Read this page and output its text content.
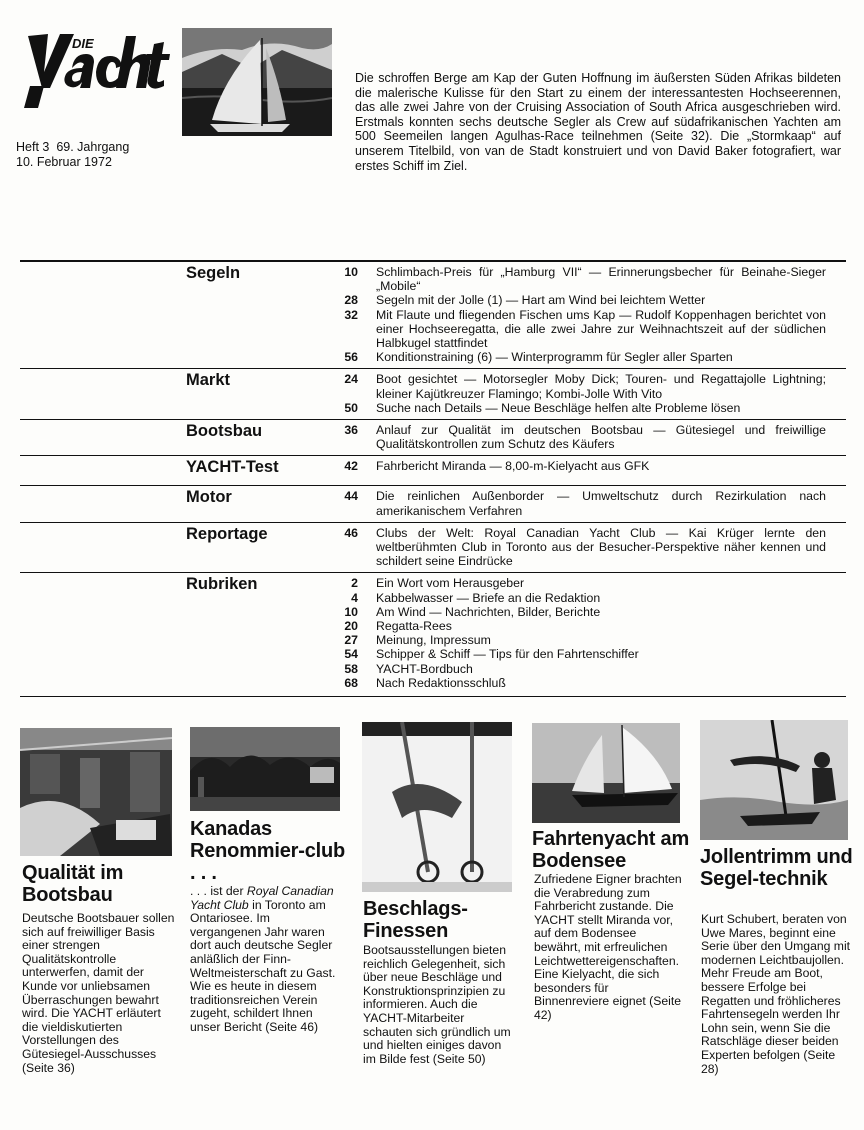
DIE
Heft 3 69. Jahrgang
10. Februar 1972
Die schroffen Berge am Kap der Guten Hoffnung im äußersten Süden Afrikas bildeten die malerische Kulisse für den Start zu einem der interessantesten Hochseerennen, das alle zwei Jahre von der Cruising Association of South Africa ausgeschrieben wird. Erstmals konnten sechs deutsche Segler als Crew auf südafrikanischen Yachten am 500 Seemeilen langen Agulhas-Race teilnehmen (Seite 32). Die „Stormkaap“ auf unserem Titelbild, von van de Stadt konstruiert und von David Baker fotografiert, war erstes Schiff im Ziel.
Segeln	10	Schlimbach-Preis für „Hamburg VII“ — Erinnerungsbecher für Beinahe-Sieger „Mobile“
28	Segeln mit der Jolle (1) — Hart am Wind bei leichtem Wetter
32	Mit Flaute und fliegenden Fischen ums Kap — Rudolf Koppenhagen berichtet von einer Hochseeregatta, die alle zwei Jahre zur Weihnachtszeit auf der südlichen Halbkugel stattfindet
56	Konditionstraining (6) — Winterprogramm für Segler aller Sparten
Markt	24	Boot gesichtet — Motorsegler Moby Dick; Touren- und Regattajolle Lightning; kleiner Kajütkreuzer Flamingo; Kombi-Jolle With Vito
50	Suche nach Details — Neue Beschläge helfen alte Probleme lösen
Bootsbau	36	Anlauf zur Qualität im deutschen Bootsbau — Gütesiegel und freiwillige Qualitätskontrollen zum Schutz des Käufers
YACHT-Test	42	Fahrbericht Miranda — 8,00-m-Kielyacht aus GFK
Motor	44	Die reinlichen Außenborder — Umweltschutz durch Rezirkulation nach amerikanischem Verfahren
Reportage	46	Clubs der Welt: Royal Canadian Yacht Club — Kai Krüger lernte den weltberühmten Club in Toronto aus der Besucher-Perspektive näher kennen und schildert seine Eindrücke
Rubriken	2	Ein Wort vom Herausgeber
4	Kabbelwasser — Briefe an die Redaktion
10	Am Wind — Nachrichten, Bilder, Berichte
20	Regatta-Rees
27	Meinung, Impressum
54	Schipper & Schiff — Tips für den Fahrtenschiffer
58	YACHT-Bordbuch
68	Nach Redaktionsschluß
Qualität im Bootsbau
Deutsche Bootsbauer sollen sich auf freiwilliger Basis einer strengen Qualitätskontrolle unterwerfen, damit der Kunde vor unliebsamen Überraschungen bewahrt wird. Die YACHT erläutert die vieldiskutierten Vorstellungen des Gütesiegel-Ausschusses (Seite 36)
Kanadas Renommier-club . . .
. . . ist der Royal Canadian Yacht Club in Toronto am Ontariosee. Im vergangenen Jahr waren dort auch deutsche Segler anläßlich der Finn-Weltmeisterschaft zu Gast. Wie es heute in diesem traditionsreichen Verein zugeht, schildert Ihnen unser Bericht (Seite 46)
Beschlags-Finessen
Bootsausstellungen bieten reichlich Gelegenheit, sich über neue Beschläge und Konstruktionsprinzipien zu informieren. Auch die YACHT-Mitarbeiter schauten sich gründlich um und hielten einiges davon im Bilde fest (Seite 50)
Fahrtenyacht am Bodensee
Zufriedene Eigner brachten die Verabredung zum Fahrbericht zustande. Die YACHT stellt Miranda vor, auf dem Bodensee bewährt, mit erfreulichen Leichtwettereigenschaften. Eine Kielyacht, die sich besonders für Binnenreviere eignet (Seite 42)
Jollentrimm und Segel-technik
Kurt Schubert, beraten von Uwe Mares, beginnt eine Serie über den Umgang mit modernen Leichtbaujollen. Mehr Freude am Boot, bessere Erfolge bei Regatten und fröhlicheres Fahrtensegeln werden Ihr Lohn sein, wenn Sie die Ratschläge dieser beiden Experten befolgen (Seite 28)
